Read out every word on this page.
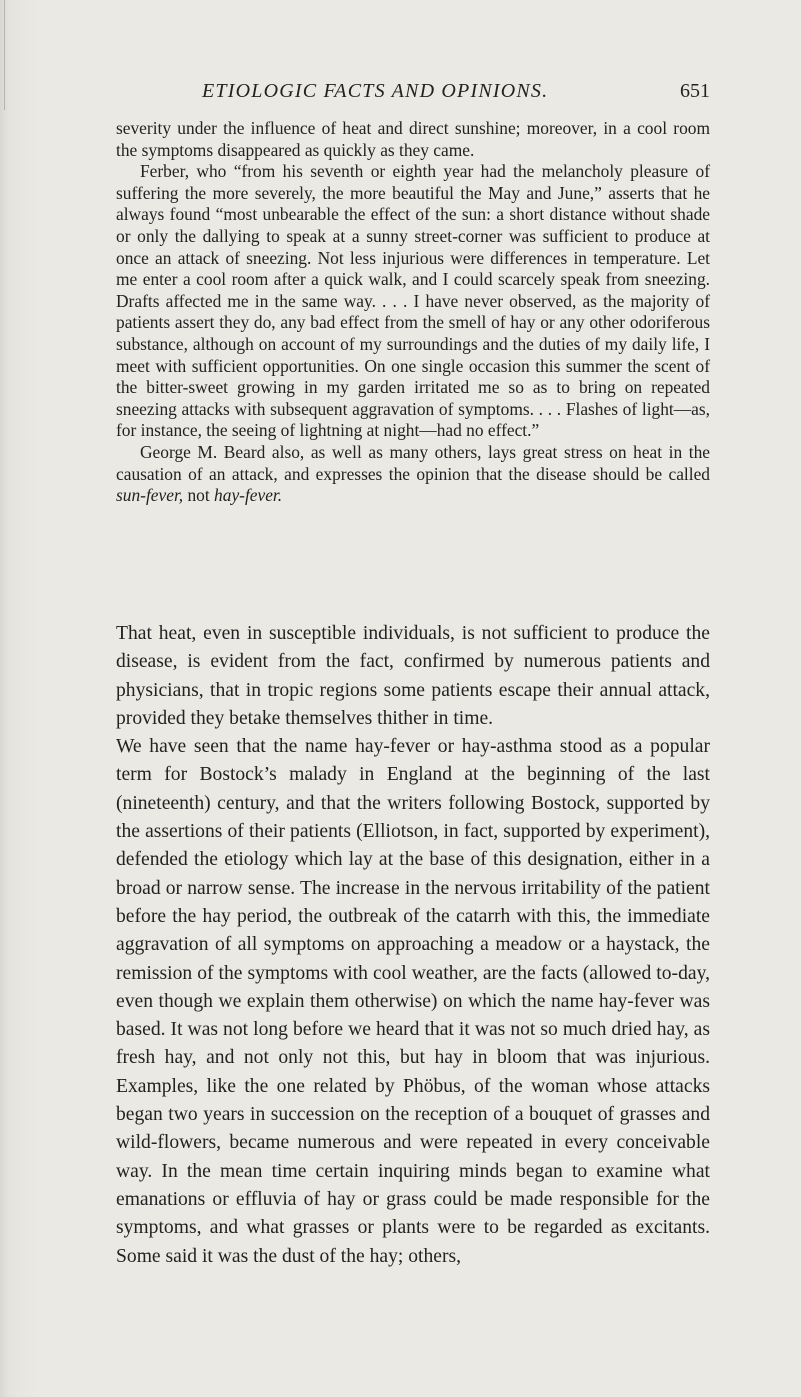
ETIOLOGIC FACTS AND OPINIONS.	651

severity under the influence of heat and direct sunshine; moreover, in a cool room the symptoms disappeared as quickly as they came.

Ferber, who “from his seventh or eighth year had the melancholy pleasure of suffering the more severely, the more beautiful the May and June,” asserts that he always found “most unbearable the effect of the sun: a short distance without shade or only the dallying to speak at a sunny street-corner was sufficient to produce at once an attack of sneezing. Not less injurious were differences in temperature. Let me enter a cool room after a quick walk, and I could scarcely speak from sneezing. Drafts affected me in the same way. . . . I have never observed, as the majority of patients assert they do, any bad effect from the smell of hay or any other odoriferous substance, although on account of my surroundings and the duties of my daily life, I meet with sufficient opportunities. On one single occasion this summer the scent of the bitter-sweet growing in my garden irritated me so as to bring on repeated sneezing attacks with subsequent aggravation of symptoms. . . . Flashes of light—as, for instance, the seeing of lightning at night—had no effect.”

George M. Beard also, as well as many others, lays great stress on heat in the causation of an attack, and expresses the opinion that the disease should be called sun-fever, not hay-fever.

That heat, even in susceptible individuals, is not sufficient to produce the disease, is evident from the fact, confirmed by numerous patients and physicians, that in tropic regions some patients escape their annual attack, provided they betake themselves thither in time.

We have seen that the name hay-fever or hay-asthma stood as a popular term for Bostock’s malady in England at the beginning of the last (nineteenth) century, and that the writers following Bostock, supported by the assertions of their patients (Elliotson, in fact, supported by experiment), defended the etiology which lay at the base of this designation, either in a broad or narrow sense. The increase in the nervous irritability of the patient before the hay period, the outbreak of the catarrh with this, the immediate aggravation of all symptoms on approaching a meadow or a haystack, the remission of the symptoms with cool weather, are the facts (allowed to-day, even though we explain them otherwise) on which the name hay-fever was based. It was not long before we heard that it was not so much dried hay, as fresh hay, and not only not this, but hay in bloom that was injurious. Examples, like the one related by Phöbus, of the woman whose attacks began two years in succession on the reception of a bouquet of grasses and wild-flowers, became numerous and were repeated in every conceivable way. In the mean time certain inquiring minds began to examine what emanations or effluvia of hay or grass could be made responsible for the symptoms, and what grasses or plants were to be regarded as excitants. Some said it was the dust of the hay; others,
